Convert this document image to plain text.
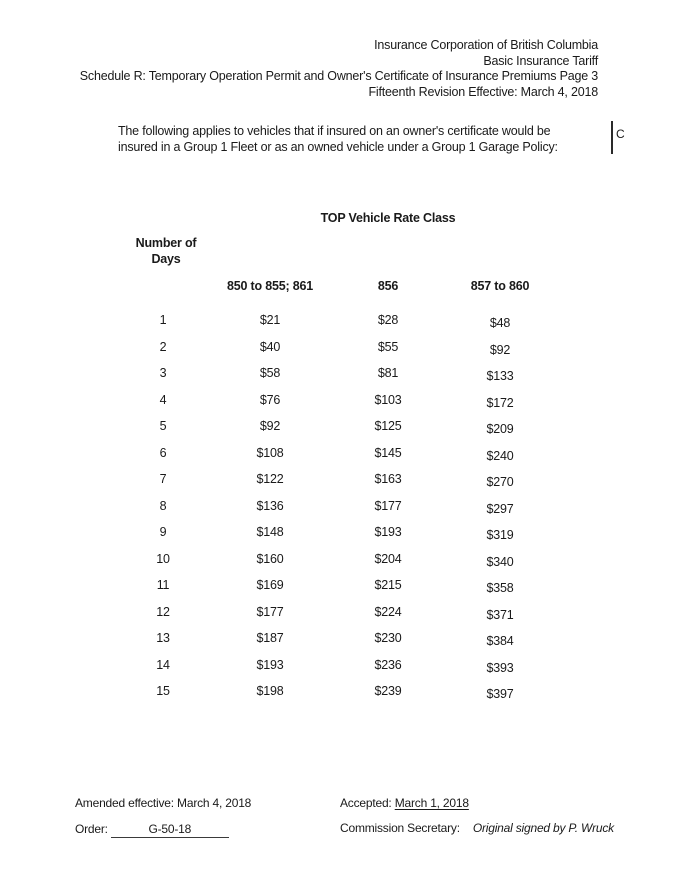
Insurance Corporation of British Columbia
Basic Insurance Tariff
Schedule R: Temporary Operation Permit and Owner's Certificate of Insurance Premiums Page 3
Fifteenth Revision Effective: March 4, 2018
The following applies to vehicles that if insured on an owner's certificate would be
insured in a Group 1 Fleet or as an owned vehicle under a Group 1 Garage Policy:
C
TOP Vehicle Rate Class
Number of
Days
850 to 855; 861	856	857 to 860
1	$21	$28	$48
2	$40	$55	$92
3	$58	$81	$133
4	$76	$103	$172
5	$92	$125	$209
6	$108	$145	$240
7	$122	$163	$270
8	$136	$177	$297
9	$148	$193	$319
10	$160	$204	$340
11	$169	$215	$358
12	$177	$224	$371
13	$187	$230	$384
14	$193	$236	$393
15	$198	$239	$397
Amended effective: March 4, 2018
Order:	G-50-18
Accepted: March 1, 2018
Commission Secretary: Original signed by P. Wruck
